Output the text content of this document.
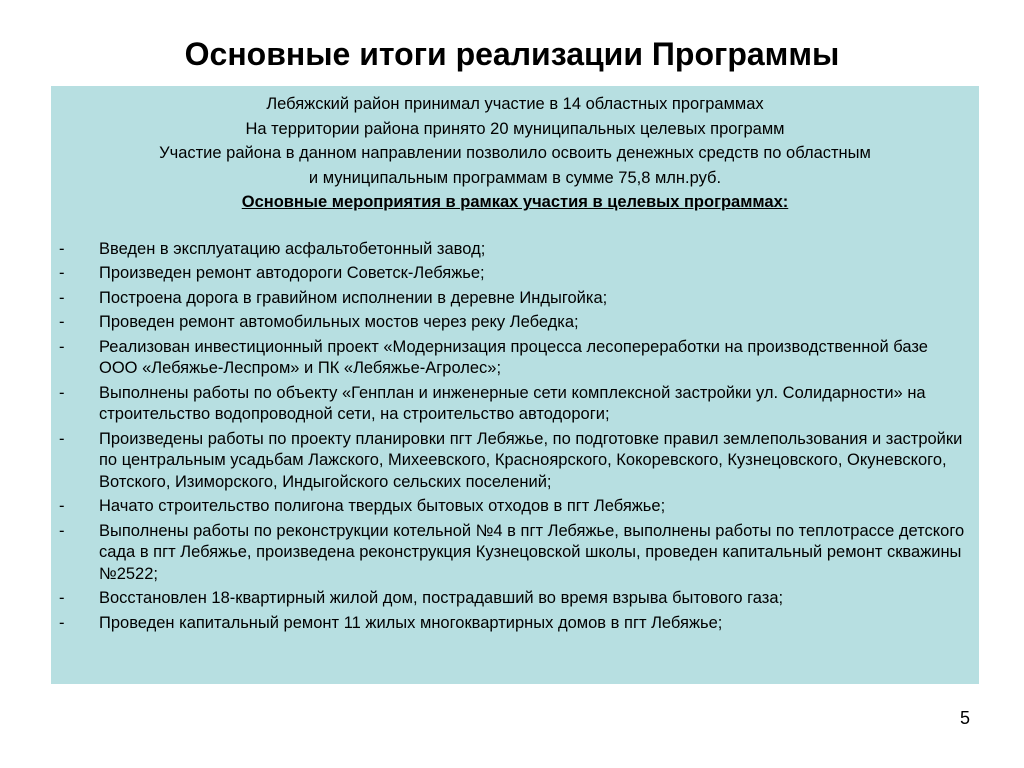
Основные итоги реализации Программы
Лебяжский район принимал участие в 14 областных программах
На территории района принято 20 муниципальных целевых программ
Участие района в данном направлении позволило освоить денежных средств по областным
и муниципальным программам в сумме 75,8 млн.руб.
Основные мероприятия в рамках участия в целевых программах:
- Введен в эксплуатацию асфальтобетонный завод;
- Произведен ремонт автодороги Советск-Лебяжье;
- Построена дорога в гравийном исполнении в деревне Индыгойка;
- Проведен ремонт автомобильных мостов через реку Лебедка;
- Реализован инвестиционный проект «Модернизация процесса лесопереработки на производственной базе ООО «Лебяжье-Леспром» и ПК «Лебяжье-Агролес»;
- Выполнены работы по объекту «Генплан и инженерные сети комплексной застройки ул. Солидарности» на строительство водопроводной сети, на строительство автодороги;
- Произведены работы по проекту планировки пгт Лебяжье, по подготовке правил землепользования и застройки по центральным усадьбам Лажского, Михеевского, Красноярского, Кокоревского, Кузнецовского, Окуневского, Вотского, Изиморского, Индыгойского сельских поселений;
- Начато строительство полигона твердых бытовых отходов в пгт Лебяжье;
- Выполнены работы по реконструкции котельной №4 в пгт Лебяжье, выполнены работы по теплотрассе детского сада в пгт Лебяжье, произведена реконструкция Кузнецовской школы, проведен капитальный ремонт скважины №2522;
- Восстановлен 18-квартирный жилой дом, пострадавший во время взрыва бытового газа;
- Проведен капитальный ремонт 11 жилых многоквартирных домов в пгт Лебяжье;
5
